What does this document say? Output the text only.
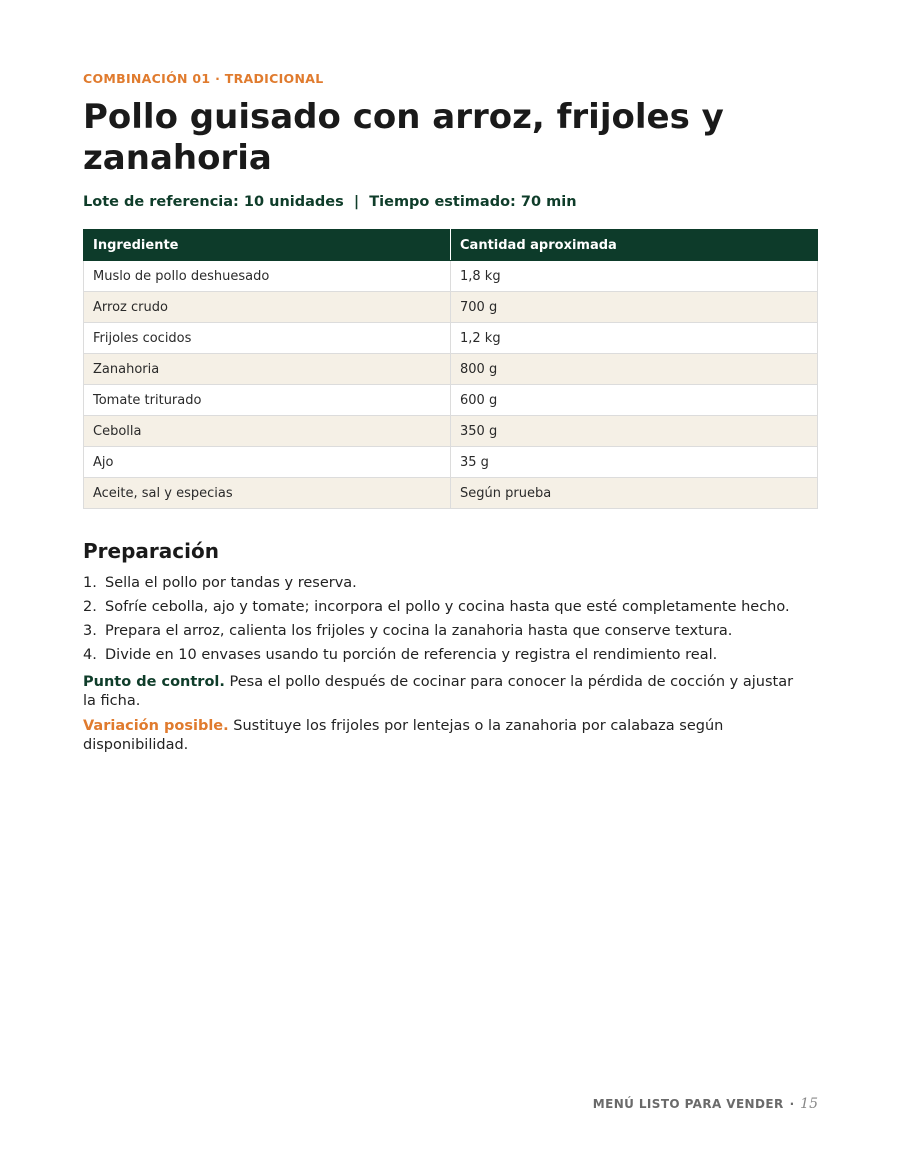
COMBINACIÓN 01 · TRADICIONAL
Pollo guisado con arroz, frijoles y zanahoria
Lote de referencia: 10 unidades  |  Tiempo estimado: 70 min
Ingrediente	Cantidad aproximada
Muslo de pollo deshuesado	1,8 kg
Arroz crudo	700 g
Frijoles cocidos	1,2 kg
Zanahoria	800 g
Tomate triturado	600 g
Cebolla	350 g
Ajo	35 g
Aceite, sal y especias	Según prueba
Preparación
1. Sella el pollo por tandas y reserva.
2. Sofríe cebolla, ajo y tomate; incorpora el pollo y cocina hasta que esté completamente hecho.
3. Prepara el arroz, calienta los frijoles y cocina la zanahoria hasta que conserve textura.
4. Divide en 10 envases usando tu porción de referencia y registra el rendimiento real.

Punto de control. Pesa el pollo después de cocinar para conocer la pérdida de cocción y ajustar la ficha.

Variación posible. Sustituye los frijoles por lentejas o la zanahoria por calabaza según disponibilidad.

MENÚ LISTO PARA VENDER · 15
